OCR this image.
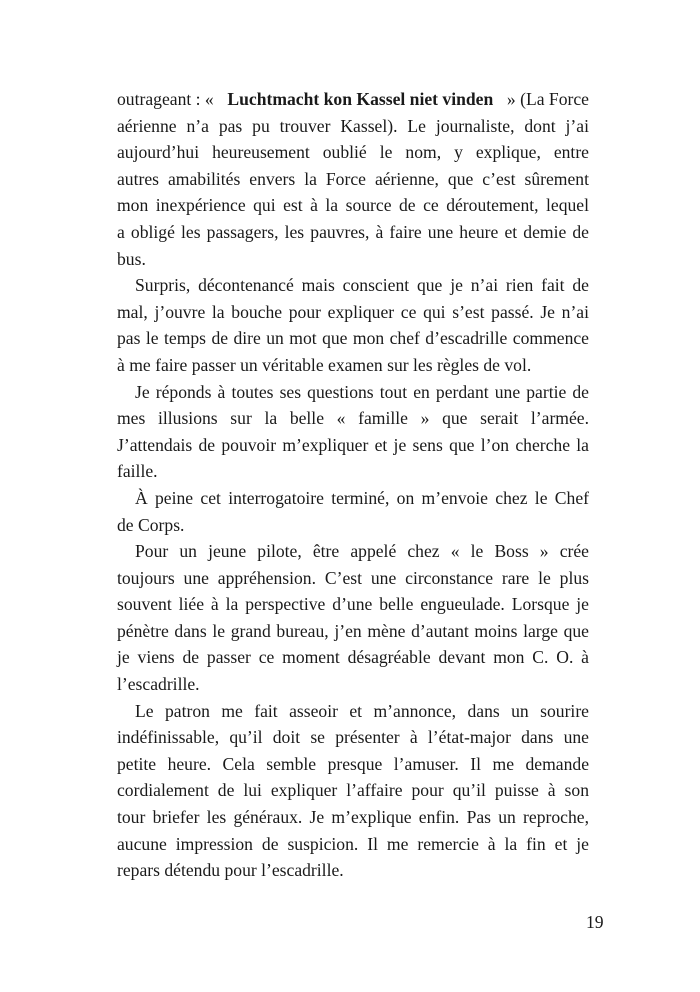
outrageant : « Luchtmacht kon Kassel niet vinden » (La Force
aérienne n’a pas pu trouver Kassel). Le journaliste, dont j’ai
aujourd’hui heureusement oublié le nom, y explique, entre
autres amabilités envers la Force aérienne, que c’est sûrement
mon inexpérience qui est à la source de ce déroutement, lequel
a obligé les passagers, les pauvres, à faire une heure et demie de
bus.
Surpris, décontenancé mais conscient que je n’ai rien fait de
mal, j’ouvre la bouche pour expliquer ce qui s’est passé. Je n’ai
pas le temps de dire un mot que mon chef d’escadrille commence
à me faire passer un véritable examen sur les règles de vol.
Je réponds à toutes ses questions tout en perdant une partie de
mes illusions sur la belle « famille » que serait l’armée.
J’attendais de pouvoir m’expliquer et je sens que l’on cherche la
faille.
À peine cet interrogatoire terminé, on m’envoie chez le Chef
de Corps.
Pour un jeune pilote, être appelé chez « le Boss » crée
toujours une appréhension. C’est une circonstance rare le plus
souvent liée à la perspective d’une belle engueulade. Lorsque je
pénètre dans le grand bureau, j’en mène d’autant moins large que
je viens de passer ce moment désagréable devant mon C. O. à
l’escadrille.
Le patron me fait asseoir et m’annonce, dans un sourire
indéfinissable, qu’il doit se présenter à l’état-major dans une
petite heure. Cela semble presque l’amuser. Il me demande
cordialement de lui expliquer l’affaire pour qu’il puisse à son
tour briefer les généraux. Je m’explique enfin. Pas un reproche,
aucune impression de suspicion. Il me remercie à la fin et je
repars détendu pour l’escadrille.
19
